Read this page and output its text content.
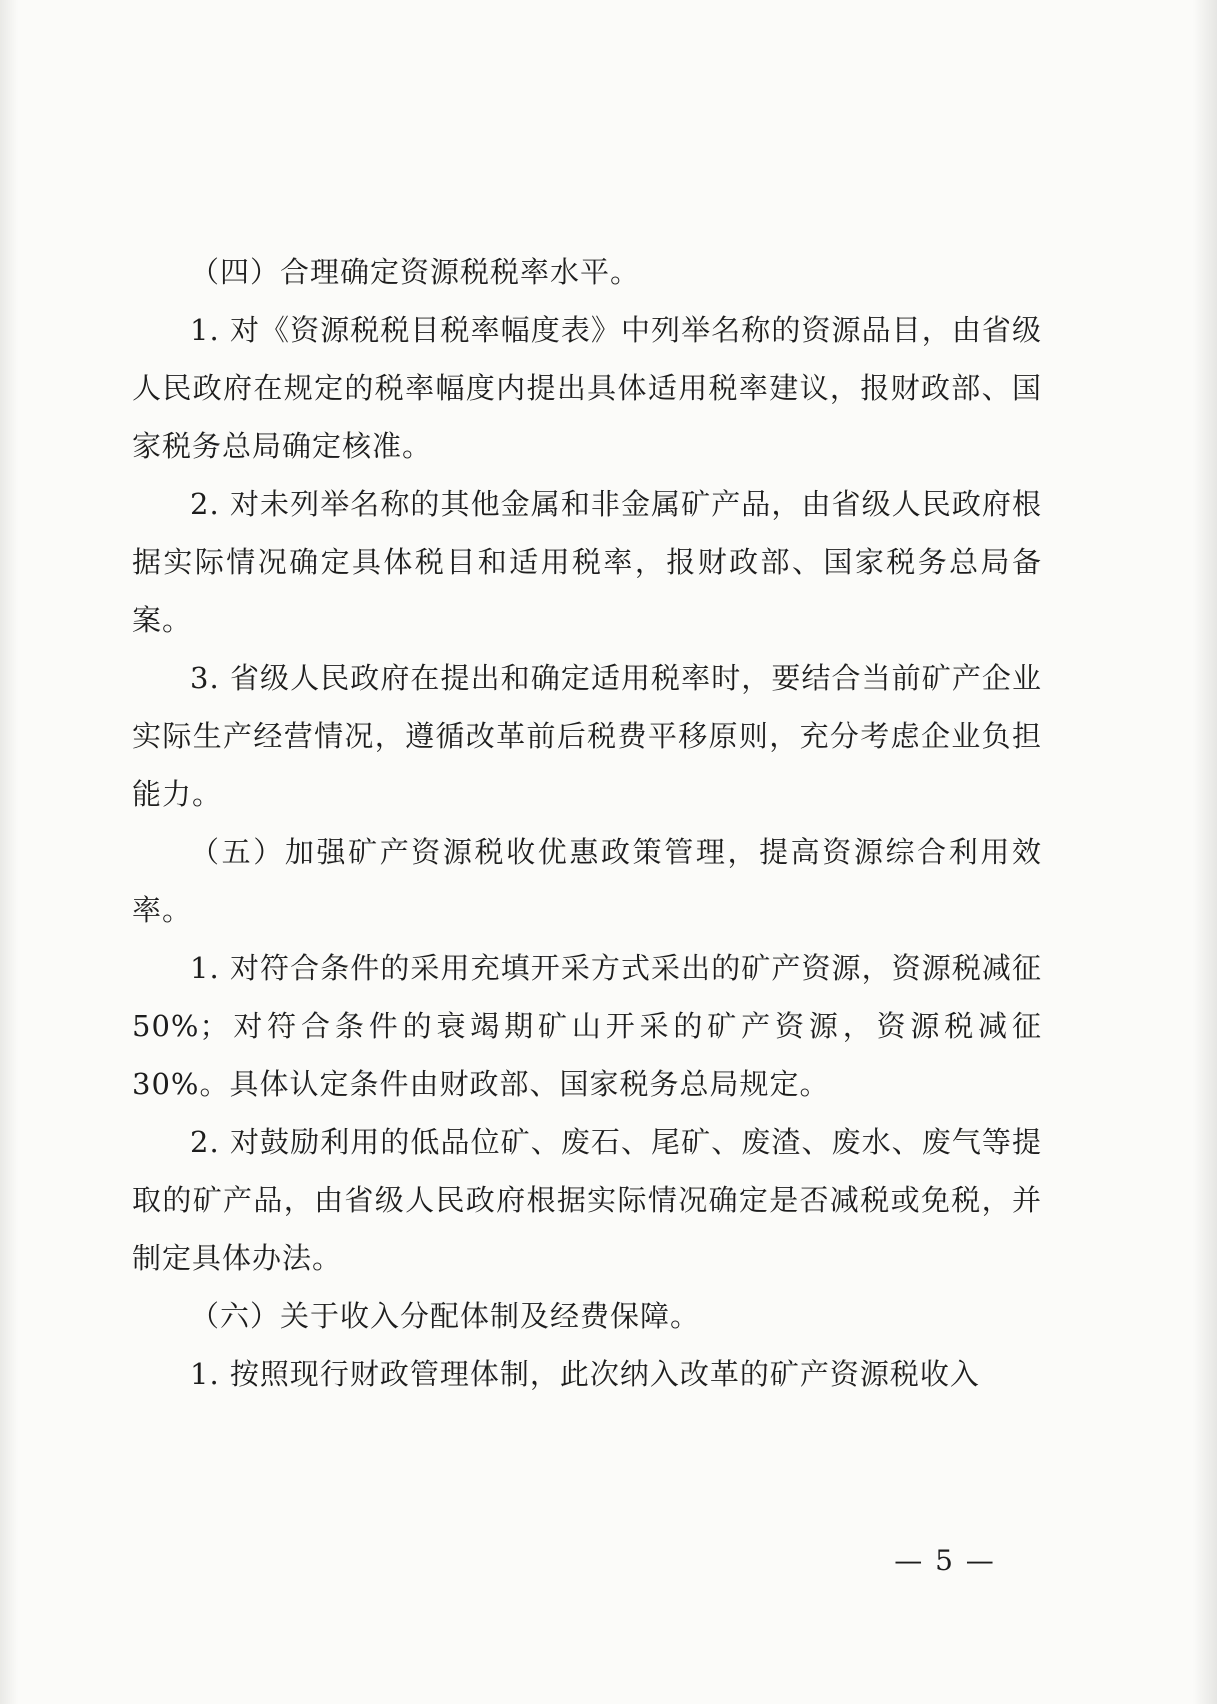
（四）合理确定资源税税率水平。

1. 对《资源税税目税率幅度表》中列举名称的资源品目，由省级人民政府在规定的税率幅度内提出具体适用税率建议，报财政部、国家税务总局确定核准。

2. 对未列举名称的其他金属和非金属矿产品，由省级人民政府根据实际情况确定具体税目和适用税率，报财政部、国家税务总局备案。

3. 省级人民政府在提出和确定适用税率时，要结合当前矿产企业实际生产经营情况，遵循改革前后税费平移原则，充分考虑企业负担能力。

（五）加强矿产资源税收优惠政策管理，提高资源综合利用效率。

1. 对符合条件的采用充填开采方式采出的矿产资源，资源税减征50%；对符合条件的衰竭期矿山开采的矿产资源，资源税减征30%。具体认定条件由财政部、国家税务总局规定。

2. 对鼓励利用的低品位矿、废石、尾矿、废渣、废水、废气等提取的矿产品，由省级人民政府根据实际情况确定是否减税或免税，并制定具体办法。

（六）关于收入分配体制及经费保障。

1. 按照现行财政管理体制，此次纳入改革的矿产资源税收入

— 5 —
